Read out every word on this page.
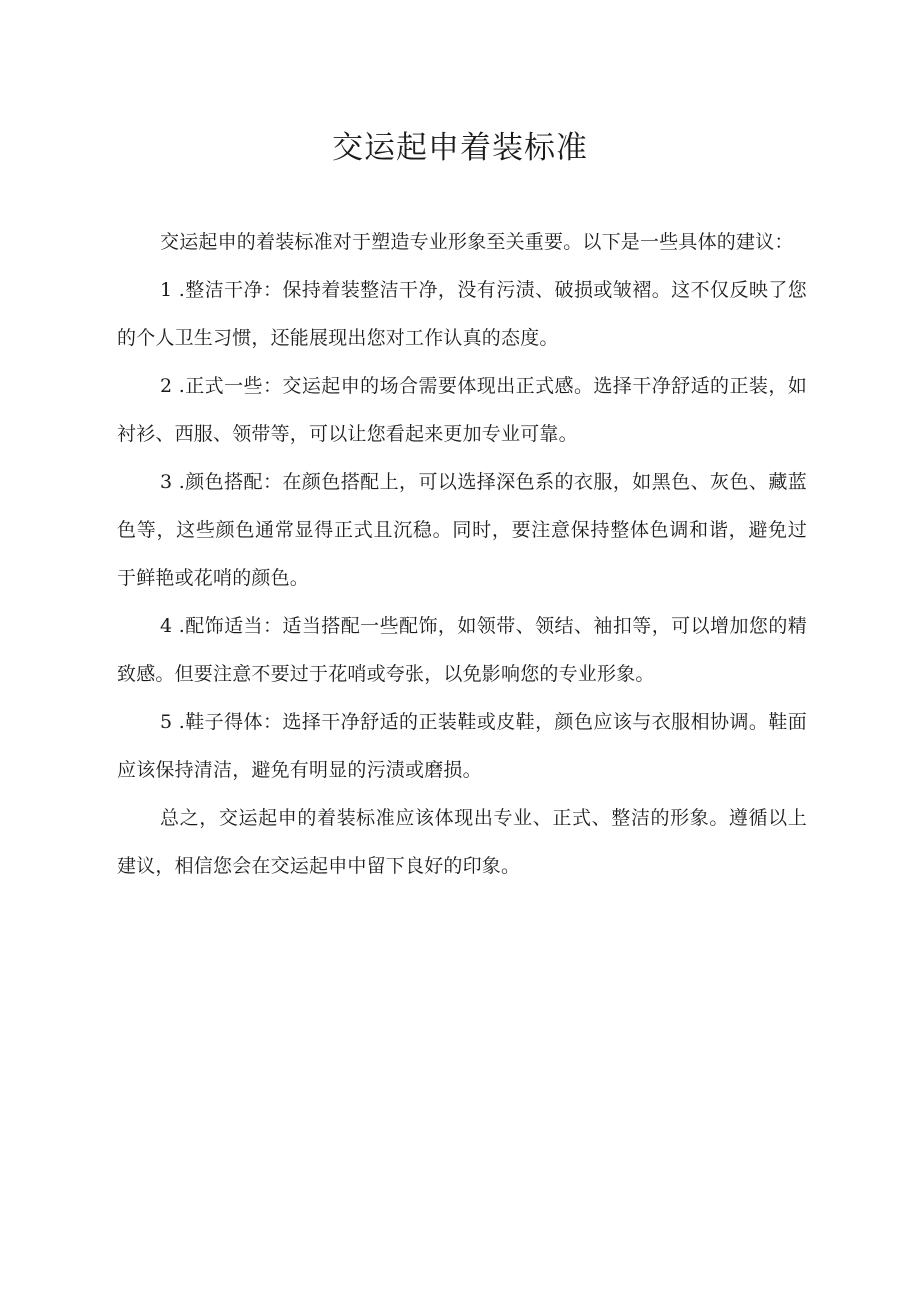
交运起申着装标准

交运起申的着装标准对于塑造专业形象至关重要。以下是一些具体的建议：

1 .整洁干净：保持着装整洁干净，没有污渍、破损或皱褶。这不仅反映了您的个人卫生习惯，还能展现出您对工作认真的态度。

2 .正式一些：交运起申的场合需要体现出正式感。选择干净舒适的正装，如衬衫、西服、领带等，可以让您看起来更加专业可靠。

3 .颜色搭配：在颜色搭配上，可以选择深色系的衣服，如黑色、灰色、藏蓝色等，这些颜色通常显得正式且沉稳。同时，要注意保持整体色调和谐，避免过于鲜艳或花哨的颜色。

4 .配饰适当：适当搭配一些配饰，如领带、领结、袖扣等，可以增加您的精致感。但要注意不要过于花哨或夸张，以免影响您的专业形象。

5 .鞋子得体：选择干净舒适的正装鞋或皮鞋，颜色应该与衣服相协调。鞋面应该保持清洁，避免有明显的污渍或磨损。

总之，交运起申的着装标准应该体现出专业、正式、整洁的形象。遵循以上建议，相信您会在交运起申中留下良好的印象。
